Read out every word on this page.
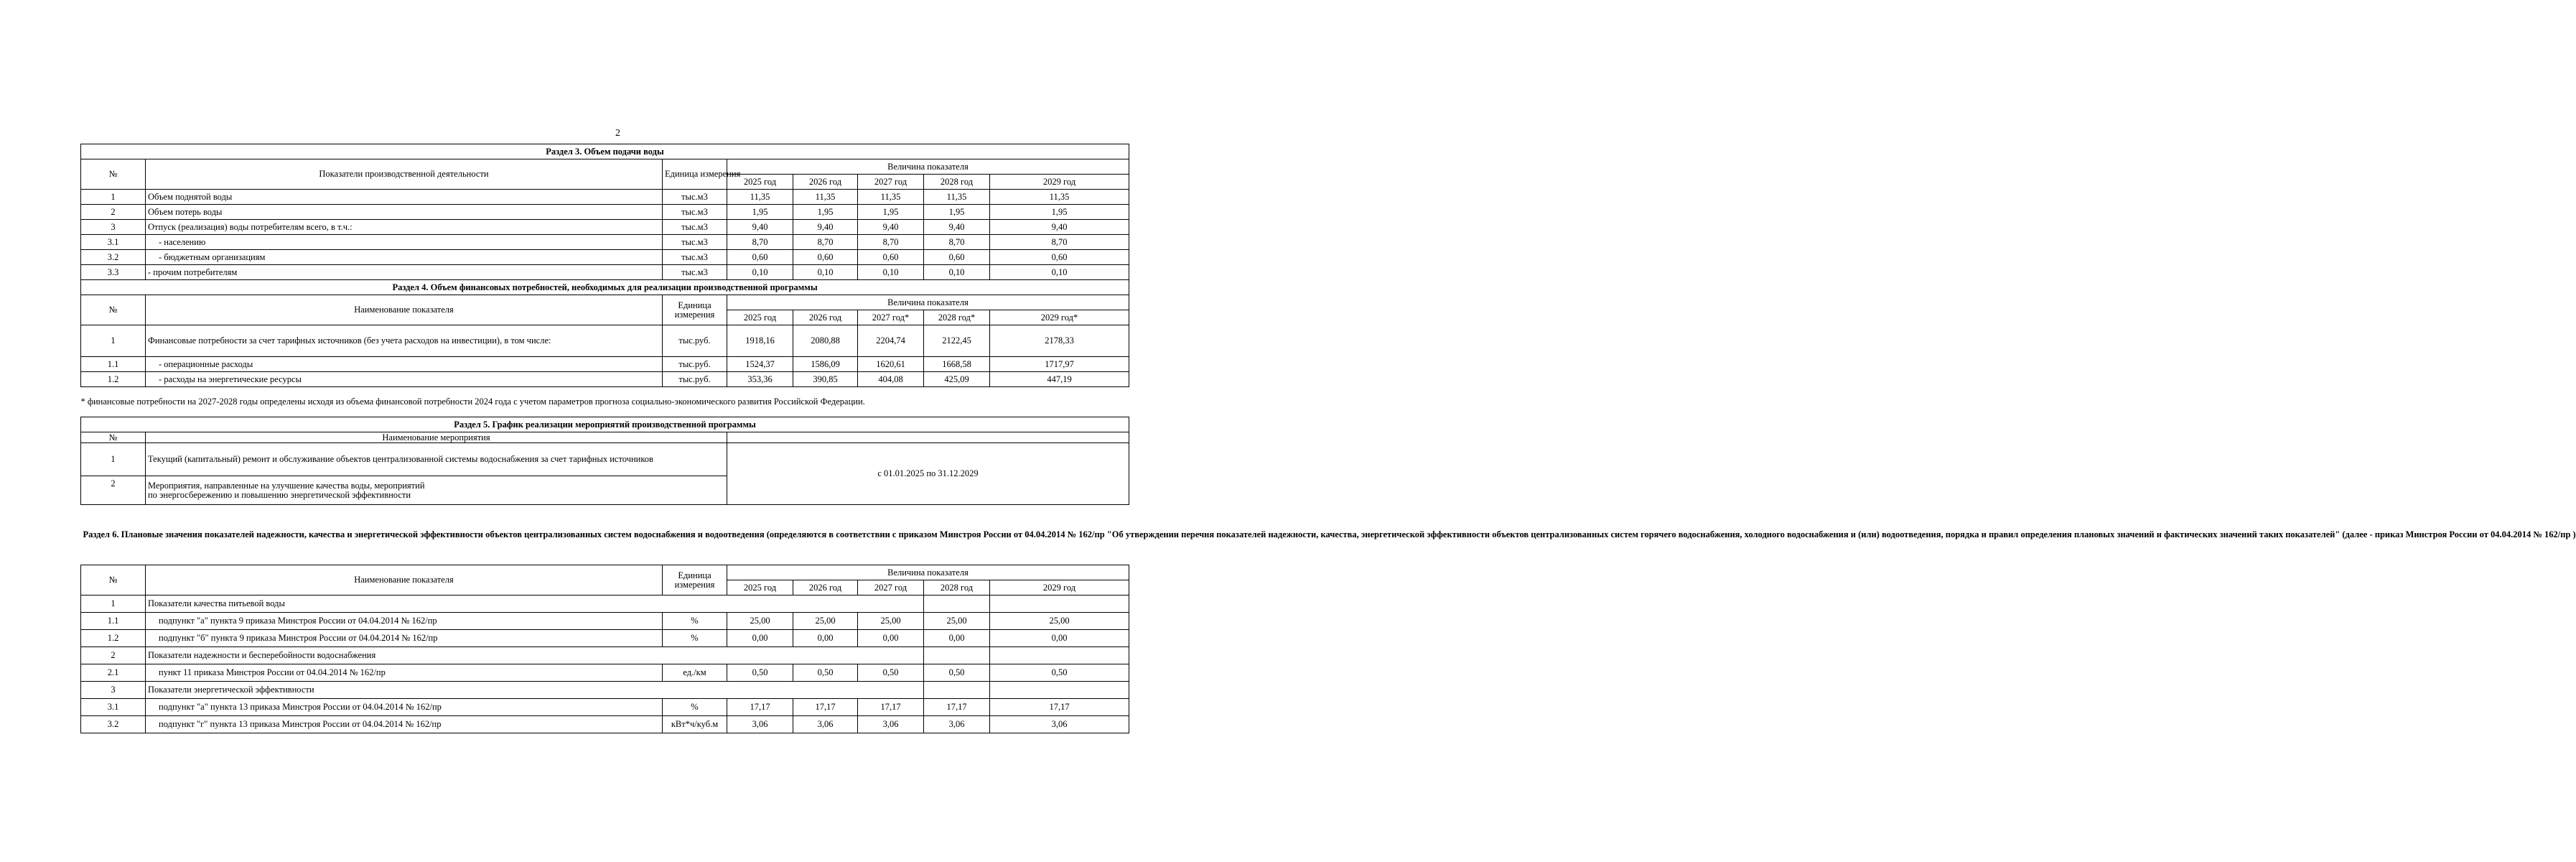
2
Раздел 3. Объем подачи воды							
№	Показатели производственной деятельности	Единица измерения	Величина показателя				
			2025 год	2026 год	2027 год	2028 год	2029 год
1	Объем поднятой воды	тыс.м3	11,35	11,35	11,35	11,35	11,35
2	Объем потерь воды	тыс.м3	1,95	1,95	1,95	1,95	1,95
3	Отпуск (реализация) воды потребителям всего, в т.ч.:	тыс.м3	9,40	9,40	9,40	9,40	9,40
3.1	- населению	тыс.м3	8,70	8,70	8,70	8,70	8,70
3.2	- бюджетным организациям	тыс.м3	0,60	0,60	0,60	0,60	0,60
3.3	- прочим потребителям	тыс.м3	0,10	0,10	0,10	0,10	0,10
Раздел 4. Объем финансовых потребностей, необходимых для реализации производственной программы							
№	Наименование показателя	Единица измерения	Величина показателя				
			2025 год	2026 год	2027 год*	2028 год*	2029 год*
1	Финансовые потребности за счет тарифных источников (без учета расходов на инвестиции), в том числе:	тыс.руб.	1918,16	2080,88	2204,74	2122,45	2178,33
1.1	- операционные расходы	тыс.руб.	1524,37	1586,09	1620,61	1668,58	1717,97
1.2	- расходы на энергетические ресурсы	тыс.руб.	353,36	390,85	404,08	425,09	447,19
* финансовые потребности на 2027-2028 годы определены исходя из объема финансовой потребности 2024 года с учетом параметров прогноза социально-экономического развития Российской Федерации.							
Раздел 5. График реализации мероприятий производственной программы							
№	Наименование мероприятия						
1	Текущий (капитальный) ремонт и обслуживание объектов централизованной системы водоснабжения за счет тарифных источников		с 01.01.2025 по 31.12.2029				
2	Мероприятия, направленные на улучшение качества воды, мероприятий
по энергосбережению и повышению энергетической эффективности						

Раздел 6. Плановые значения показателей надежности, качества и энергетической эффективности объектов централизованных систем водоснабжения и водоотведения (определяются в соответствии с приказом Минстроя России от 04.04.2014 № 162/пр "Об утверждении перечня показателей надежности, качества, энергетической эффективности объектов централизованных систем горячего водоснабжения, холодного водоснабжения и (или) водоотведения, порядка и правил определения плановых значений и фактических значений таких показателей" (далее - приказ Минстроя России от 04.04.2014 № 162/пр )							
№	Наименование показателя	Единица измерения	Величина показателя				
			2025 год	2026 год	2027 год	2028 год	2029 год
1	Показатели качества питьевой воды						
1.1	подпункт "а" пункта 9 приказа Минстроя России от 04.04.2014 № 162/пр	%	25,00	25,00	25,00	25,00	25,00
1.2	подпункт "б" пункта 9 приказа Минстроя России от 04.04.2014 № 162/пр	%	0,00	0,00	0,00	0,00	0,00
2	Показатели надежности и бесперебойности водоснабжения						
2.1	пункт 11 приказа Минстроя России от 04.04.2014 № 162/пр	ед./км	0,50	0,50	0,50	0,50	0,50
3	Показатели энергетической эффективности						
3.1	подпункт "а" пункта 13 приказа Минстроя России от 04.04.2014 № 162/пр	%	17,17	17,17	17,17	17,17	17,17
3.2	подпункт "г" пункта 13 приказа Минстроя России от 04.04.2014 № 162/пр	кВт*ч/куб.м	3,06	3,06	3,06	3,06	3,06
